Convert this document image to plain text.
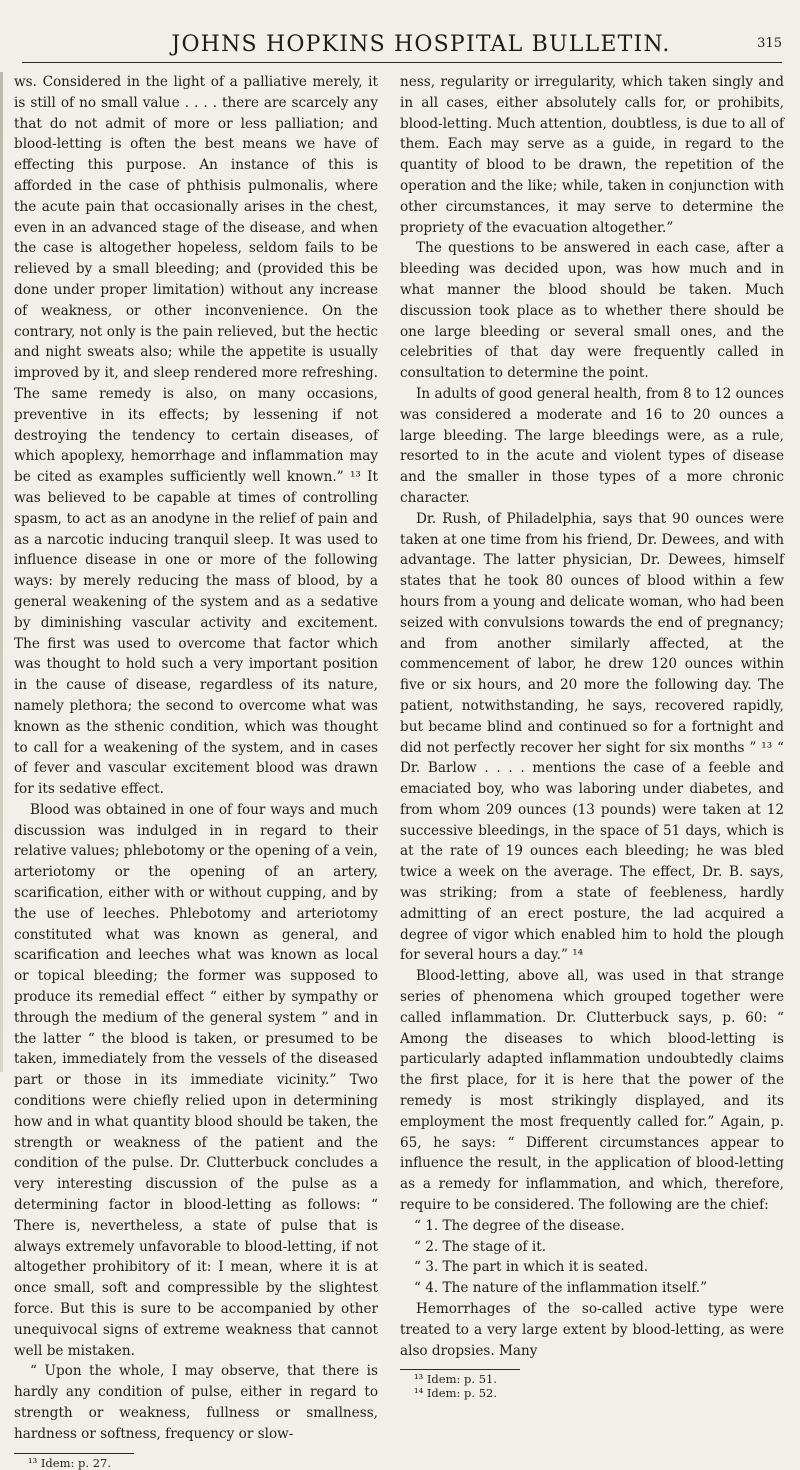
JOHNS HOPKINS HOSPITAL BULLETIN.	315

ws. Considered in the light of a palliative merely, it is still of no small value . . . . there are scarcely any that do not admit of more or less palliation; and blood-letting is often the best means we have of effecting this purpose. An instance of this is afforded in the case of phthisis pulmonalis, where the acute pain that occasionally arises in the chest, even in an advanced stage of the disease, and when the case is altogether hopeless, seldom fails to be relieved by a small bleeding; and (provided this be done under proper limitation) without any increase of weakness, or other inconvenience. On the contrary, not only is the pain relieved, but the hectic and night sweats also; while the appetite is usually improved by it, and sleep rendered more refreshing. The same remedy is also, on many occasions, preventive in its effects; by lessening if not destroying the tendency to certain diseases, of which apoplexy, hemorrhage and inflammation may be cited as examples sufficiently well known.” ¹³ It was believed to be capable at times of controlling spasm, to act as an anodyne in the relief of pain and as a narcotic inducing tranquil sleep. It was used to influence disease in one or more of the following ways: by merely reducing the mass of blood, by a general weakening of the system and as a sedative by diminishing vascular activity and excitement. The first was used to overcome that factor which was thought to hold such a very important position in the cause of disease, regardless of its nature, namely plethora; the second to overcome what was known as the sthenic condition, which was thought to call for a weakening of the system, and in cases of fever and vascular excitement blood was drawn for its sedative effect.

Blood was obtained in one of four ways and much discussion was indulged in in regard to their relative values; phlebotomy or the opening of a vein, arteriotomy or the opening of an artery, scarification, either with or without cupping, and by the use of leeches. Phlebotomy and arteriotomy constituted what was known as general, and scarification and leeches what was known as local or topical bleeding; the former was supposed to produce its remedial effect “ either by sympathy or through the medium of the general system ” and in the latter “ the blood is taken, or presumed to be taken, immediately from the vessels of the diseased part or those in its immediate vicinity.” Two conditions were chiefly relied upon in determining how and in what quantity blood should be taken, the strength or weakness of the patient and the condition of the pulse. Dr. Clutterbuck concludes a very interesting discussion of the pulse as a determining factor in blood-letting as follows: “ There is, nevertheless, a state of pulse that is always extremely unfavorable to blood-letting, if not altogether prohibitory of it: I mean, where it is at once small, soft and compressible by the slightest force. But this is sure to be accompanied by other unequivocal signs of extreme weakness that cannot well be mistaken.

“ Upon the whole, I may observe, that there is hardly any condition of pulse, either in regard to strength or weakness, fullness or smallness, hardness or softness, frequency or slow-

¹³ Idem: p. 27.

ness, regularity or irregularity, which taken singly and in all cases, either absolutely calls for, or prohibits, blood-letting. Much attention, doubtless, is due to all of them. Each may serve as a guide, in regard to the quantity of blood to be drawn, the repetition of the operation and the like; while, taken in conjunction with other circumstances, it may serve to determine the propriety of the evacuation altogether.”

The questions to be answered in each case, after a bleeding was decided upon, was how much and in what manner the blood should be taken. Much discussion took place as to whether there should be one large bleeding or several small ones, and the celebrities of that day were frequently called in consultation to determine the point.

In adults of good general health, from 8 to 12 ounces was considered a moderate and 16 to 20 ounces a large bleeding. The large bleedings were, as a rule, resorted to in the acute and violent types of disease and the smaller in those types of a more chronic character.

Dr. Rush, of Philadelphia, says that 90 ounces were taken at one time from his friend, Dr. Dewees, and with advantage. The latter physician, Dr. Dewees, himself states that he took 80 ounces of blood within a few hours from a young and delicate woman, who had been seized with convulsions towards the end of pregnancy; and from another similarly affected, at the commencement of labor, he drew 120 ounces within five or six hours, and 20 more the following day. The patient, notwithstanding, he says, recovered rapidly, but became blind and continued so for a fortnight and did not perfectly recover her sight for six months ” ¹³ “ Dr. Barlow . . . . mentions the case of a feeble and emaciated boy, who was laboring under diabetes, and from whom 209 ounces (13 pounds) were taken at 12 successive bleedings, in the space of 51 days, which is at the rate of 19 ounces each bleeding; he was bled twice a week on the average. The effect, Dr. B. says, was striking; from a state of feebleness, hardly admitting of an erect posture, the lad acquired a degree of vigor which enabled him to hold the plough for several hours a day.” ¹⁴

Blood-letting, above all, was used in that strange series of phenomena which grouped together were called inflammation. Dr. Clutterbuck says, p. 60: “ Among the diseases to which blood-letting is particularly adapted inflammation undoubtedly claims the first place, for it is here that the power of the remedy is most strikingly displayed, and its employment the most frequently called for.” Again, p. 65, he says: “ Different circumstances appear to influence the result, in the application of blood-letting as a remedy for inflammation, and which, therefore, require to be considered. The following are the chief:

“ 1. The degree of the disease.

“ 2. The stage of it.

“ 3. The part in which it is seated.

“ 4. The nature of the inflammation itself.”

Hemorrhages of the so-called active type were treated to a very large extent by blood-letting, as were also dropsies. Many

¹³ Idem: p. 51.

¹⁴ Idem: p. 52.
